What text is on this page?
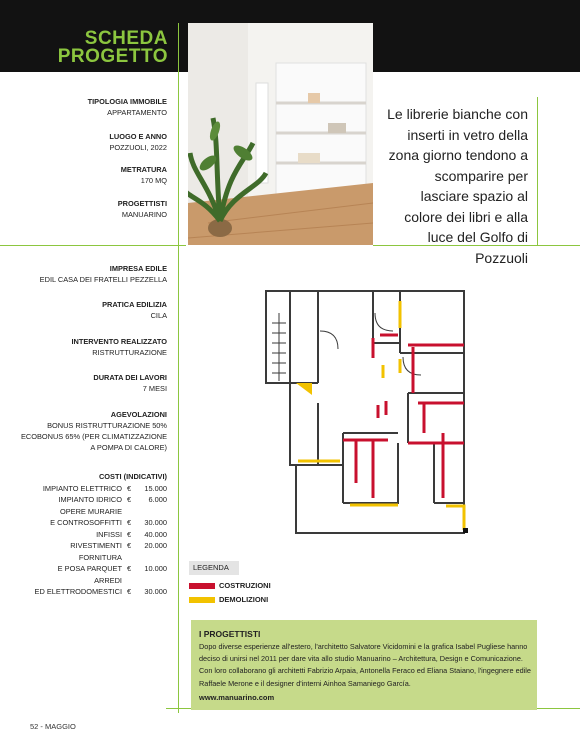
SCHEDA
PROGETTO
Le librerie bianche con inserti in vetro della zona giorno tendono a scomparire per lasciare spazio al colore dei libri e alla luce del Golfo di Pozzuoli
TIPOLOGIA IMMOBILE
APPARTAMENTO
LUOGO E ANNO
POZZUOLI, 2022
METRATURA
170 MQ
PROGETTISTI
MANUARINO
IMPRESA EDILE
EDIL CASA DEI FRATELLI PEZZELLA
PRATICA EDILIZIA
CILA
INTERVENTO REALIZZATO
RISTRUTTURAZIONE
DURATA DEI LAVORI
7 MESI
AGEVOLAZIONI
BONUS RISTRUTTURAZIONE 50%
ECOBONUS 65% (PER CLIMATIZZAZIONE
A POMPA DI CALORE)
COSTI (INDICATIVI)
IMPIANTO ELETTRICO €	15.000
IMPIANTO IDRICO €	6.000
OPERE MURARIE
E CONTROSOFFITTI €	30.000
INFISSI €	40.000
RIVESTIMENTI €	20.000
FORNITURA
E POSA PARQUET €	10.000
ARREDI
ED ELETTRODOMESTICI €	30.000
LEGENDA
COSTRUZIONI
DEMOLIZIONI
I PROGETTISTI
Dopo diverse esperienze all'estero, l'architetto Salvatore Vicidomini e la grafica Isabel Pugliese hanno deciso di unirsi nel 2011 per dare vita allo studio Manuarino – Architettura, Design e Comunicazione. Con loro collaborano gli architetti Fabrizio Arpaia, Antonella Feraco ed Eliana Staiano, l'ingegnere edile Raffaele Merone e il designer d'interni Ainhoa Samaniego García.
www.manuarino.com
52 - MAGGIO
